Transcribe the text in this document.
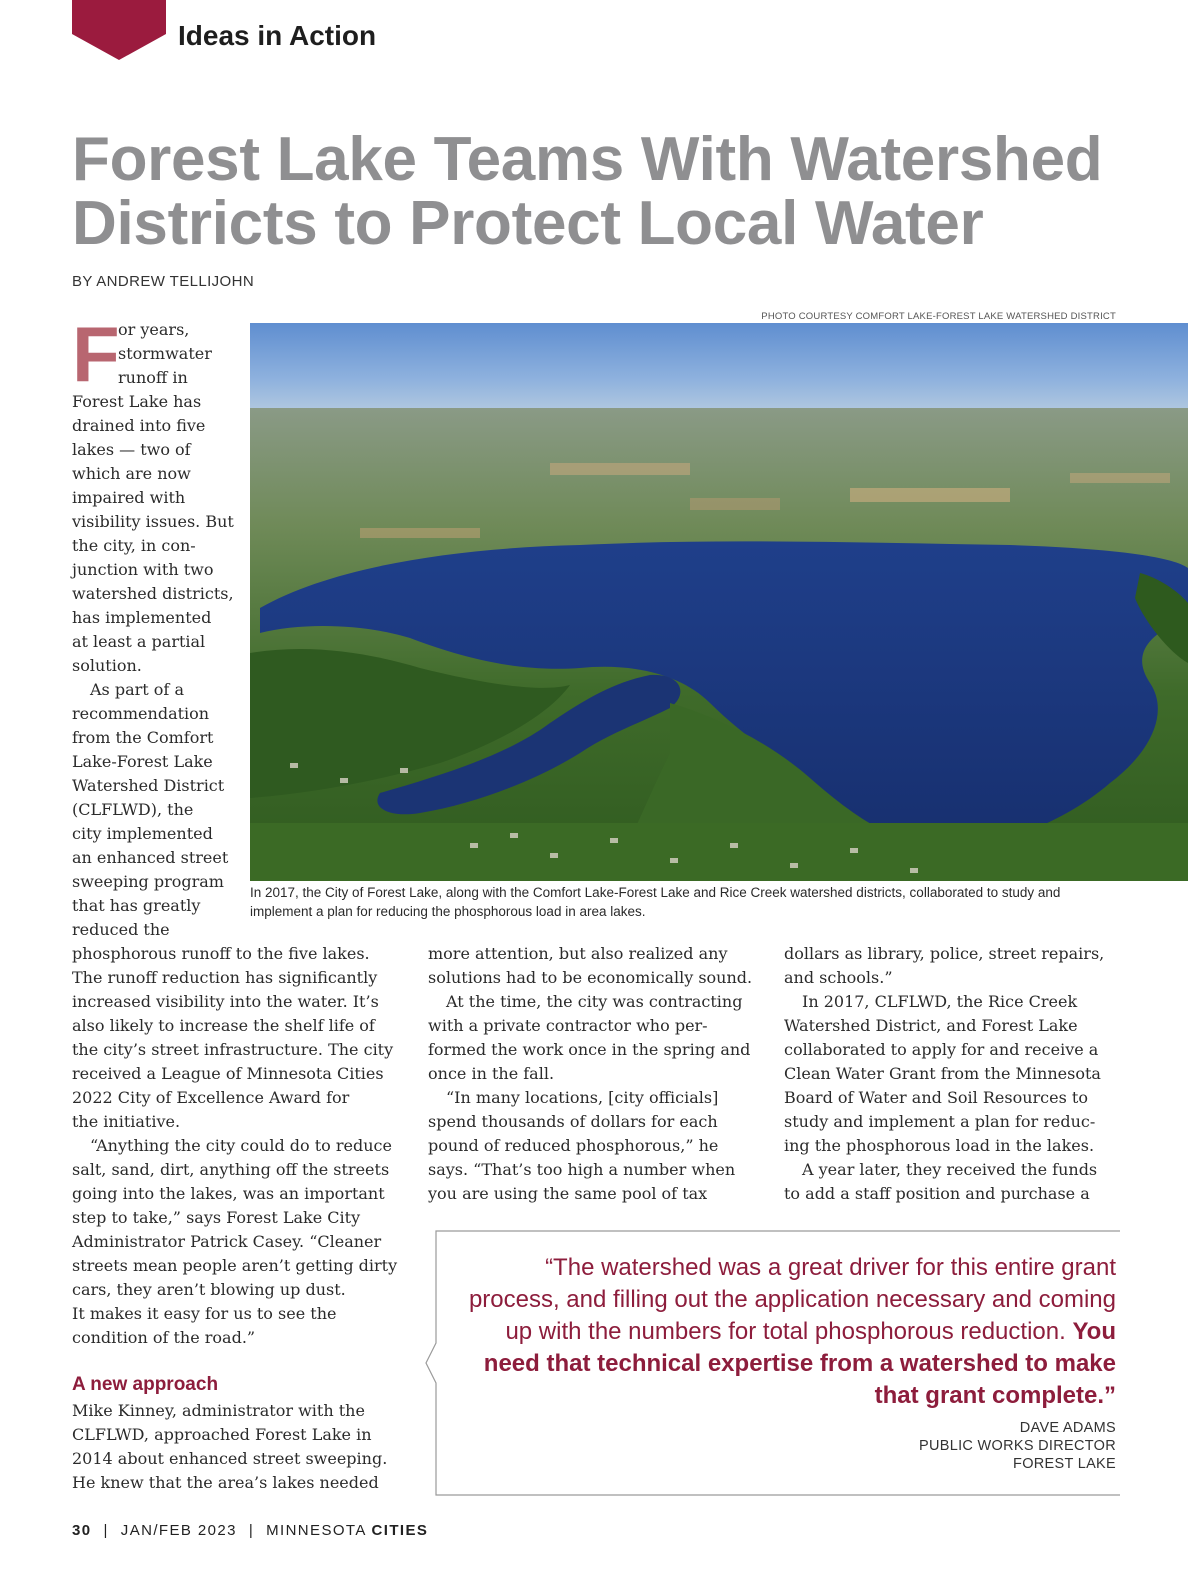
Ideas in Action
Forest Lake Teams With Watershed
Districts to Protect Local Water
BY ANDREW TELLIJOHN
PHOTO COURTESY COMFORT LAKE-FOREST LAKE WATERSHED DISTRICT

In 2017, the City of Forest Lake, along with the Comfort Lake-Forest Lake and Rice Creek watershed districts, collaborated to study and implement a plan for reducing the phosphorous load in area lakes.

F
or years,
stormwater
runoff in
Forest Lake has
drained into five
lakes — two of
which are now
impaired with
visibility issues. But
the city, in con-
junction with two
watershed districts,
has implemented
at least a partial
solution.
As part of a
recommendation
from the Comfort
Lake-Forest Lake
Watershed District
(CLFLWD), the
city implemented
an enhanced street
sweeping program
that has greatly
reduced the
phosphorous runoff to the five lakes.
The runoff reduction has significantly
increased visibility into the water. It’s
also likely to increase the shelf life of
the city’s street infrastructure. The city
received a League of Minnesota Cities
2022 City of Excellence Award for
the initiative.
“Anything the city could do to reduce
salt, sand, dirt, anything off the streets
going into the lakes, was an important
step to take,” says Forest Lake City
Administrator Patrick Casey. “Cleaner
streets mean people aren’t getting dirty
cars, they aren’t blowing up dust.
It makes it easy for us to see the
condition of the road.”
A new approach
Mike Kinney, administrator with the
CLFLWD, approached Forest Lake in
2014 about enhanced street sweeping.
He knew that the area’s lakes needed
more attention, but also realized any
solutions had to be economically sound.
At the time, the city was contracting
with a private contractor who per-
formed the work once in the spring and
once in the fall.
“In many locations, [city officials]
spend thousands of dollars for each
pound of reduced phosphorous,” he
says. “That’s too high a number when
you are using the same pool of tax
dollars as library, police, street repairs,
and schools.”
In 2017, CLFLWD, the Rice Creek
Watershed District, and Forest Lake
collaborated to apply for and receive a
Clean Water Grant from the Minnesota
Board of Water and Soil Resources to
study and implement a plan for reduc-
ing the phosphorous load in the lakes.
A year later, they received the funds
to add a staff position and purchase a
“The watershed was a great driver for this entire grant process, and filling out the application necessary and coming up with the numbers for total phosphorous reduction. You need that technical expertise from a watershed to make that grant complete.”
DAVE ADAMS
PUBLIC WORKS DIRECTOR
FOREST LAKE
30 | JAN/FEB 2023 | MINNESOTA CITIES
